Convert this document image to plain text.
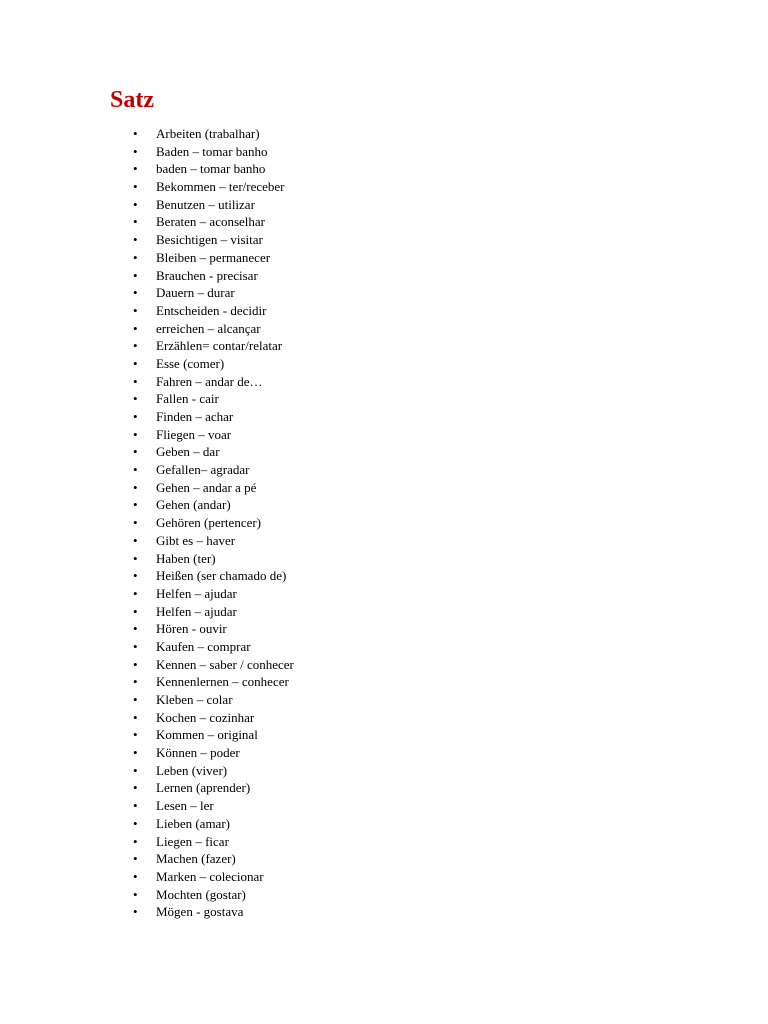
Satz
• Arbeiten (trabalhar)
• Baden – tomar banho
• baden – tomar banho
• Bekommen – ter/receber
• Benutzen – utilizar
• Beraten – aconselhar
• Besichtigen – visitar
• Bleiben – permanecer
• Brauchen - precisar
• Dauern – durar
• Entscheiden - decidir
• erreichen – alcançar
• Erzählen= contar/relatar
• Esse (comer)
• Fahren – andar de…
• Fallen - cair
• Finden – achar
• Fliegen – voar
• Geben – dar
• Gefallen– agradar
• Gehen – andar a pé
• Gehen (andar)
• Gehören (pertencer)
• Gibt es – haver
• Haben (ter)
• Heißen (ser chamado de)
• Helfen – ajudar
• Helfen – ajudar
• Hören - ouvir
• Kaufen – comprar
• Kennen – saber / conhecer
• Kennenlernen – conhecer
• Kleben – colar
• Kochen – cozinhar
• Kommen – original
• Können – poder
• Leben (viver)
• Lernen (aprender)
• Lesen – ler
• Lieben (amar)
• Liegen – ficar
• Machen (fazer)
• Marken – colecionar
• Mochten (gostar)
• Mögen - gostava
